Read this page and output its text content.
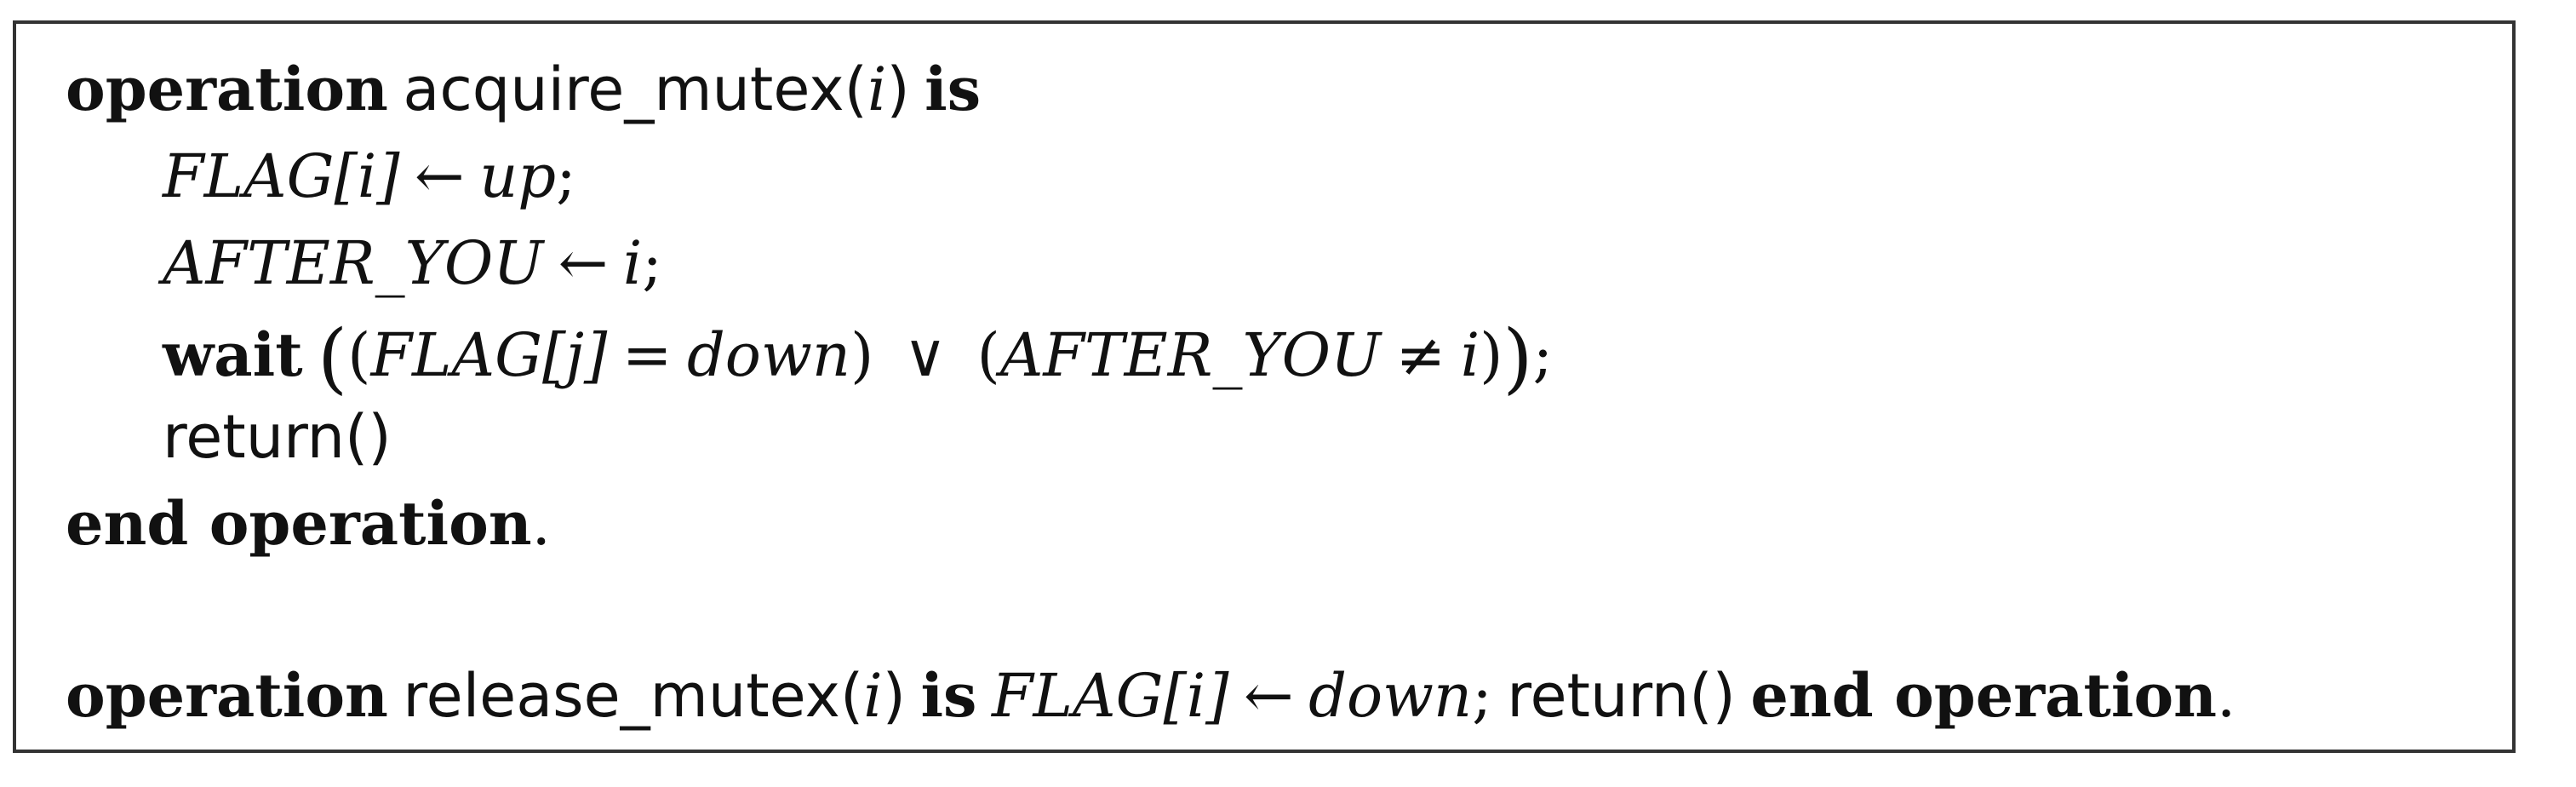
operation acquire_mutex(i) is
FLAG[i] ← up;
AFTER_YOU ← i;
wait ((FLAG[j] = down) ∨ (AFTER_YOU ≠ i));
return()
end operation.
operation release_mutex(i) is FLAG[i] ← down; return() end operation.
